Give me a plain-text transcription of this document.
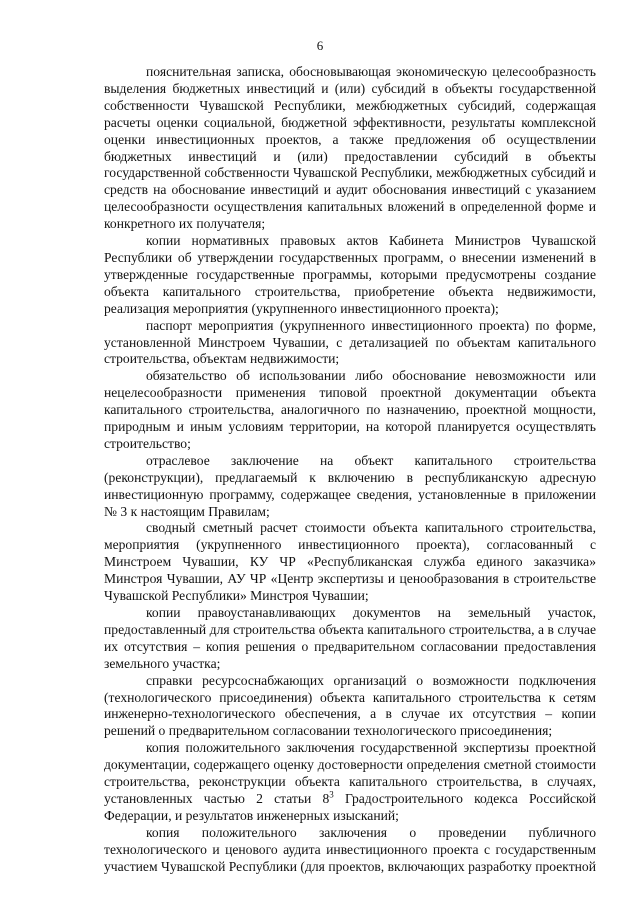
6

пояснительная записка, обосновывающая экономическую целесообразность выделения бюджетных инвестиций и (или) субсидий в объекты государственной собственности Чувашской Республики, межбюджетных субсидий, содержащая расчеты оценки социальной, бюджетной эффективности, результаты комплексной оценки инвестиционных проектов, а также предложения об осуществлении бюджетных инвестиций и (или) предоставлении субсидий в объекты государственной собственности Чувашской Республики, межбюджетных субсидий и средств на обоснование инвестиций и аудит обоснования инвестиций с указанием целесообразности осуществления капитальных вложений в определенной форме и конкретного их получателя;

копии нормативных правовых актов Кабинета Министров Чувашской Республики об утверждении государственных программ, о внесении изменений в утвержденные государственные программы, которыми предусмотрены создание объекта капитального строительства, приобретение объекта недвижимости, реализация мероприятия (укрупненного инвестиционного проекта);

паспорт мероприятия (укрупненного инвестиционного проекта) по форме, установленной Минстроем Чувашии, с детализацией по объектам капитального строительства, объектам недвижимости;

обязательство об использовании либо обоснование невозможности или нецелесообразности применения типовой проектной документации объекта капитального строительства, аналогичного по назначению, проектной мощности, природным и иным условиям территории, на которой планируется осуществлять строительство;

отраслевое заключение на объект капитального строительства (реконструкции), предлагаемый к включению в республиканскую адресную инвестиционную программу, содержащее сведения, установленные в приложении № 3 к настоящим Правилам;

сводный сметный расчет стоимости объекта капитального строительства, мероприятия (укрупненного инвестиционного проекта), согласованный с Минстроем Чувашии, КУ ЧР «Республиканская служба единого заказчика» Минстроя Чувашии, АУ ЧР «Центр экспертизы и ценообразования в строительстве Чувашской Республики» Минстроя Чувашии;

копии правоустанавливающих документов на земельный участок, предоставленный для строительства объекта капитального строительства, а в случае их отсутствия – копия решения о предварительном согласовании предоставления земельного участка;

справки ресурсоснабжающих организаций о возможности подключения (технологического присоединения) объекта капитального строительства к сетям инженерно-технологического обеспечения, а в случае их отсутствия – копии решений о предварительном согласовании технологического присоединения;

копия положительного заключения государственной экспертизы проектной документации, содержащего оценку достоверности определения сметной стоимости строительства, реконструкции объекта капитального строительства, в случаях, установленных частью 2 статьи $8^3$ Градостроительного кодекса Российской Федерации, и результатов инженерных изысканий;

копия положительного заключения о проведении публичного технологического и ценового аудита инвестиционного проекта с государственным участием Чувашской Республики (для проектов, включающих разработку проектной
